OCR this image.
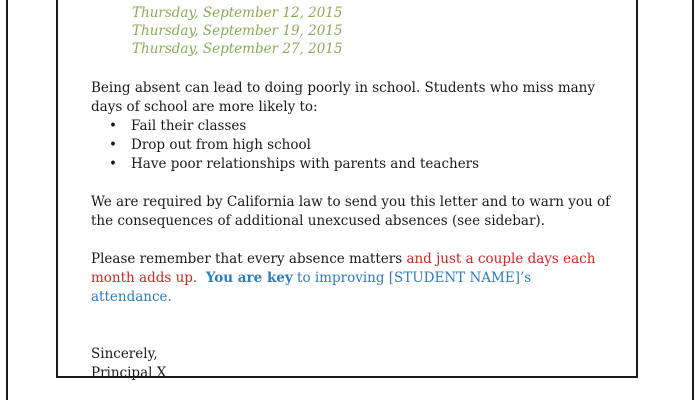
Thursday, September 12, 2015
Thursday, September 19, 2015
Thursday, September 27, 2015

Being absent can lead to doing poorly in school. Students who miss many
days of school are more likely to:

• Fail their classes
• Drop out from high school
• Have poor relationships with parents and teachers

We are required by California law to send you this letter and to warn you of
the consequences of additional unexcused absences (see sidebar).

Please remember that every absence matters and just a couple days each
month adds up. You are key to improving [STUDENT NAME]’s
attendance.

Sincerely,
Principal X
